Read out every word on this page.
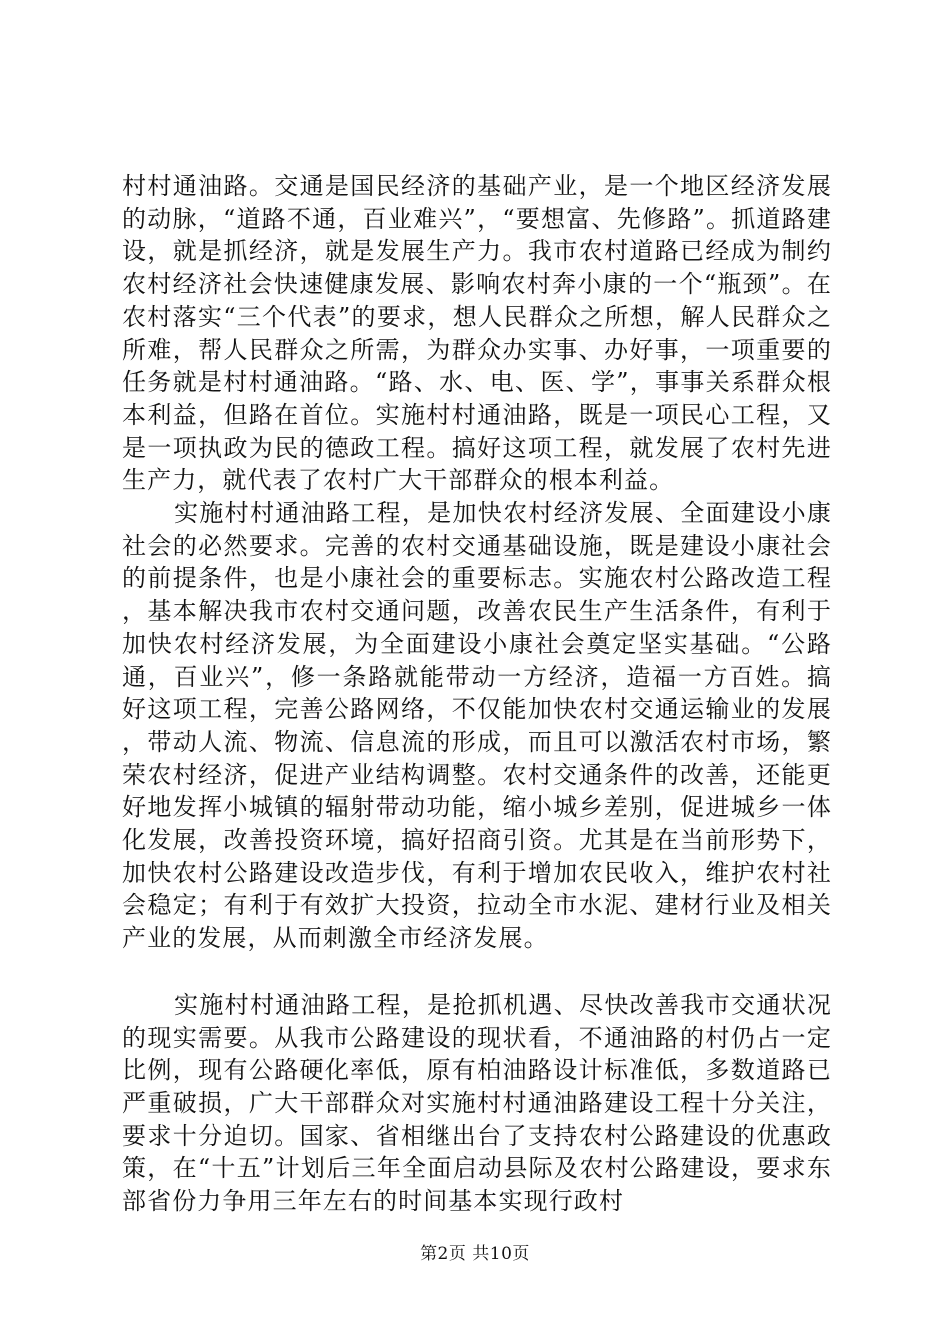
村村通油路。交通是国民经济的基础产业，是一个地区经济发展的动脉，“道路不通，百业难兴”，“要想富、先修路”。抓道路建设，就是抓经济，就是发展生产力。我市农村道路已经成为制约农村经济社会快速健康发展、影响农村奔小康的一个“瓶颈”。在农村落实“三个代表”的要求，想人民群众之所想，解人民群众之所难，帮人民群众之所需，为群众办实事、办好事，一项重要的任务就是村村通油路。“路、水、电、医、学”，事事关系群众根本利益，但路在首位。实施村村通油路，既是一项民心工程，又是一项执政为民的德政工程。搞好这项工程，就发展了农村先进生产力，就代表了农村广大干部群众的根本利益。

实施村村通油路工程，是加快农村经济发展、全面建设小康社会的必然要求。完善的农村交通基础设施，既是建设小康社会的前提条件，也是小康社会的重要标志。实施农村公路改造工程，基本解决我市农村交通问题，改善农民生产生活条件，有利于加快农村经济发展，为全面建设小康社会奠定坚实基础。“公路通，百业兴”，修一条路就能带动一方经济，造福一方百姓。搞好这项工程，完善公路网络，不仅能加快农村交通运输业的发展，带动人流、物流、信息流的形成，而且可以激活农村市场，繁荣农村经济，促进产业结构调整。农村交通条件的改善，还能更好地发挥小城镇的辐射带动功能，缩小城乡差别，促进城乡一体化发展，改善投资环境，搞好招商引资。尤其是在当前形势下，加快农村公路建设改造步伐，有利于增加农民收入，维护农村社会稳定；有利于有效扩大投资，拉动全市水泥、建材行业及相关产业的发展，从而刺激全市经济发展。

实施村村通油路工程，是抢抓机遇、尽快改善我市交通状况的现实需要。从我市公路建设的现状看，不通油路的村仍占一定比例，现有公路硬化率低，原有柏油路设计标准低，多数道路已严重破损，广大干部群众对实施村村通油路建设工程十分关注，要求十分迫切。国家、省相继出台了支持农村公路建设的优惠政策，在“十五”计划后三年全面启动县际及农村公路建设，要求东部省份力争用三年左右的时间基本实现行政村

第2页 共10页
